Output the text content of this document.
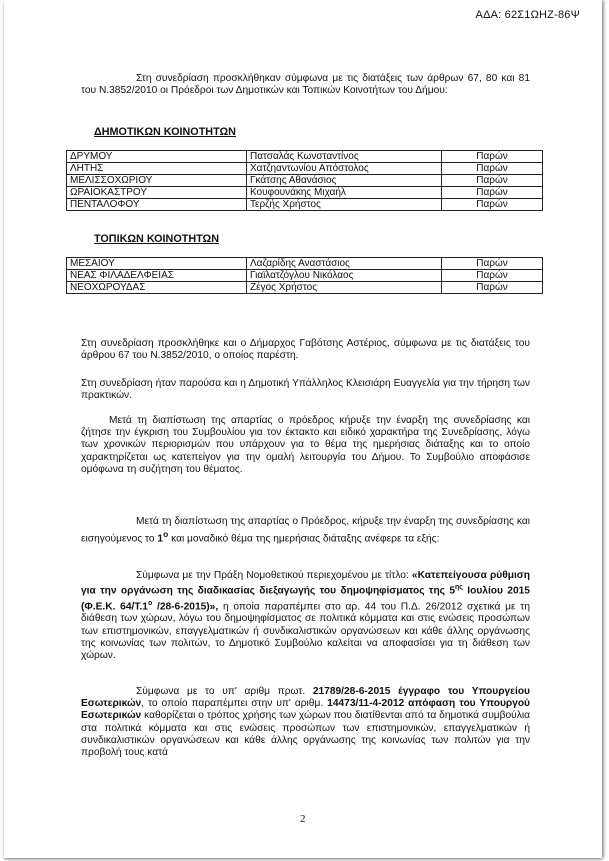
ΑΔΑ: 62Σ1ΩΗΖ-86Ψ
Στη συνεδρίαση προσκλήθηκαν σύμφωνα με τις διατάξεις των άρθρων 67, 80 και 81 του Ν.3852/2010 οι Πρόεδροι των Δημοτικών και Τοπικών Κοινοτήτων του Δήμου:
ΔΗΜΟΤΙΚΩΝ ΚΟΙΝΟΤΗΤΩΝ
ΔΡΥΜΟΥ	Πατσαλάς Κωνσταντίνος	Παρών
ΛΗΤΗΣ	Χατζηαντωνίου Απόστολος	Παρών
ΜΕΛΙΣΣΟΧΩΡΙΟΥ	Γκάτσης Αθανάσιος	Παρών
ΩΡΑΙΟΚΑΣΤΡΟΥ	Κουφουνάκης Μιχαήλ	Παρών
ΠΕΝΤΑΛΟΦΟΥ	Τερζής Χρήστος	Παρών
ΤΟΠΙΚΩΝ ΚΟΙΝΟΤΗΤΩΝ
ΜΕΣΑΙΟΥ	Λαζαρίδης Αναστάσιος	Παρών
ΝΕΑΣ ΦΙΛΑΔΕΛΦΕΙΑΣ	Γιαϊλατζόγλου Νικόλαος	Παρών
ΝΕΟΧΩΡΟΥΔΑΣ	Ζέγος Χρήστος	Παρών
Στη συνεδρίαση προσκλήθηκε και ο Δήμαρχος Γαβότσης Αστέριος, σύμφωνα με τις διατάξεις του άρθρου 67 του Ν.3852/2010, ο οποίος παρέστη.
Στη συνεδρίαση ήταν παρούσα και η Δημοτική Υπάλληλος Κλεισιάρη Ευαγγελία για την τήρηση των πρακτικών.
Μετά τη διαπίστωση της απαρτίας ο πρόεδρος κήρυξε την έναρξη της συνεδρίασης και ζήτησε την έγκριση του Συμβουλίου για τον έκτακτο και ειδικό χαρακτήρα της Συνεδρίασης, λόγω των χρονικών περιορισμών που υπάρχουν για το θέμα της ημερήσιας διάταξης και το οποίο χαρακτηρίζεται ως κατεπείγον για την ομαλή λειτουργία του Δήμου. Το Συμβούλιο αποφάσισε ομόφωνα τη συζήτηση του θέματος.
Μετά τη διαπίστωση της απαρτίας ο Πρόεδρος, κήρυξε την έναρξη της συνεδρίασης και εισηγούμενος το $1^o$ και μοναδικό θέμα της ημερήσιας διάταξης ανέφερε τα εξής:
Σύμφωνα με την Πράξη Νομοθετικού περιεχομένου με τίτλο: «Κατεπείγουσα ρύθμιση για την οργάνωση της διαδικασίας διεξαγωγής του δημοψηφίσματος της $5^{\eta\varsigma}$ Ιουλίου 2015 (Φ.Ε.Κ. $64/T.1^o$ /28-6-2015)», η οποία παραπέμπει στο αρ. 44 του Π.Δ. 26/2012 σχετικά με τη διάθεση των χώρων, λόγω του δημοψηφίσματος σε πολιτικά κόμματα και στις ενώσεις προσώπων των επιστημονικών, επαγγελματικών ή συνδικαλιστικών οργανώσεων και κάθε άλλης οργάνωσης της κοινωνίας των πολιτών, το Δημοτικό Συμβούλιο καλείται να αποφασίσει για τη διάθεση των χώρων.
Σύμφωνα με το υπ' αριθμ πρωτ. 21789/28-6-2015 έγγραφο του Υπουργείου Εσωτερικών, το οποίο παραπέμπει στην υπ' αριθμ. 14473/11-4-2012 απόφαση του Υπουργού Εσωτερικών καθορίζεται ο τρόπος χρήσης των χώρων που διατίθενται από τα δημοτικά συμβούλια στα πολιτικά κόμματα και στις ενώσεις προσώπων των επιστημονικών, επαγγελματικών ή συνδικαλιστικών οργανώσεων και κάθε άλλης οργάνωσης της κοινωνίας των πολιτών για την προβολή τους κατά
2
